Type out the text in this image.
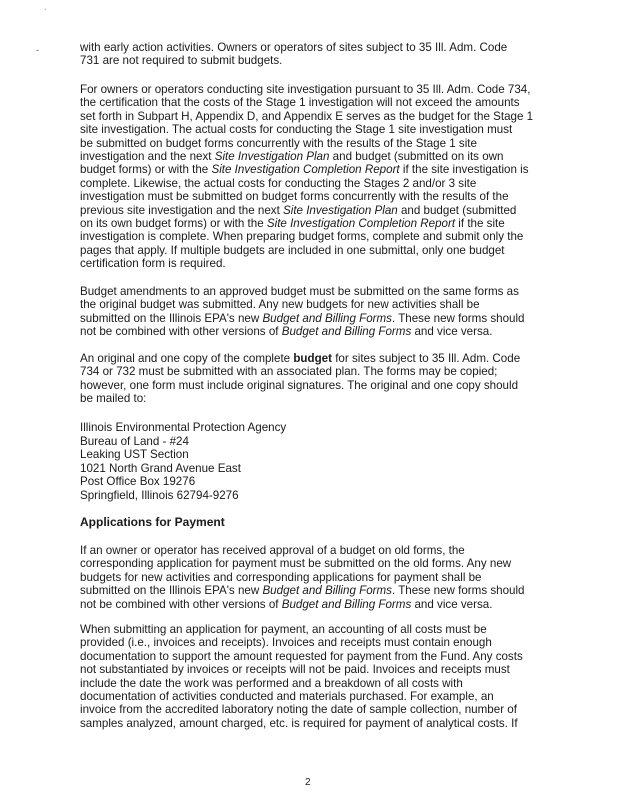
`
-	with early action activities. Owners or operators of sites subject to 35 Ill. Adm. Code
731 are not required to submit budgets.
For owners or operators conducting site investigation pursuant to 35 Ill. Adm. Code 734,
the certification that the costs of the Stage 1 investigation will not exceed the amounts
set forth in Subpart H, Appendix D, and Appendix E serves as the budget for the Stage 1
site investigation. The actual costs for conducting the Stage 1 site investigation must
be submitted on budget forms concurrently with the results of the Stage 1 site
investigation and the next Site Investigation Plan and budget (submitted on its own
budget forms) or with the Site Investigation Completion Report if the site investigation is
complete. Likewise, the actual costs for conducting the Stages 2 and/or 3 site
investigation must be submitted on budget forms concurrently with the results of the
previous site investigation and the next Site Investigation Plan and budget (submitted
on its own budget forms) or with the Site Investigation Completion Report if the site
investigation is complete. When preparing budget forms, complete and submit only the
pages that apply. If multiple budgets are included in one submittal, only one budget
certification form is required.
Budget amendments to an approved budget must be submitted on the same forms as
the original budget was submitted. Any new budgets for new activities shall be
submitted on the Illinois EPA's new Budget and Billing Forms. These new forms should
not be combined with other versions of Budget and Billing Forms and vice versa.
An original and one copy of the complete budget for sites subject to 35 Ill. Adm. Code
734 or 732 must be submitted with an associated plan. The forms may be copied;
however, one form must include original signatures. The original and one copy should
be mailed to:
Illinois Environmental Protection Agency
Bureau of Land - #24
Leaking UST Section
1021 North Grand Avenue East
Post Office Box 19276
Springfield, Illinois 62794-9276
Applications for Payment
If an owner or operator has received approval of a budget on old forms, the
corresponding application for payment must be submitted on the old forms. Any new
budgets for new activities and corresponding applications for payment shall be
submitted on the Illinois EPA's new Budget and Billing Forms. These new forms should
not be combined with other versions of Budget and Billing Forms and vice versa.
When submitting an application for payment, an accounting of all costs must be
provided (i.e., invoices and receipts). Invoices and receipts must contain enough
documentation to support the amount requested for payment from the Fund. Any costs
not substantiated by invoices or receipts will not be paid. Invoices and receipts must
include the date the work was performed and a breakdown of all costs with
documentation of activities conducted and materials purchased. For example, an
invoice from the accredited laboratory noting the date of sample collection, number of
samples analyzed, amount charged, etc. is required for payment of analytical costs. If
2
